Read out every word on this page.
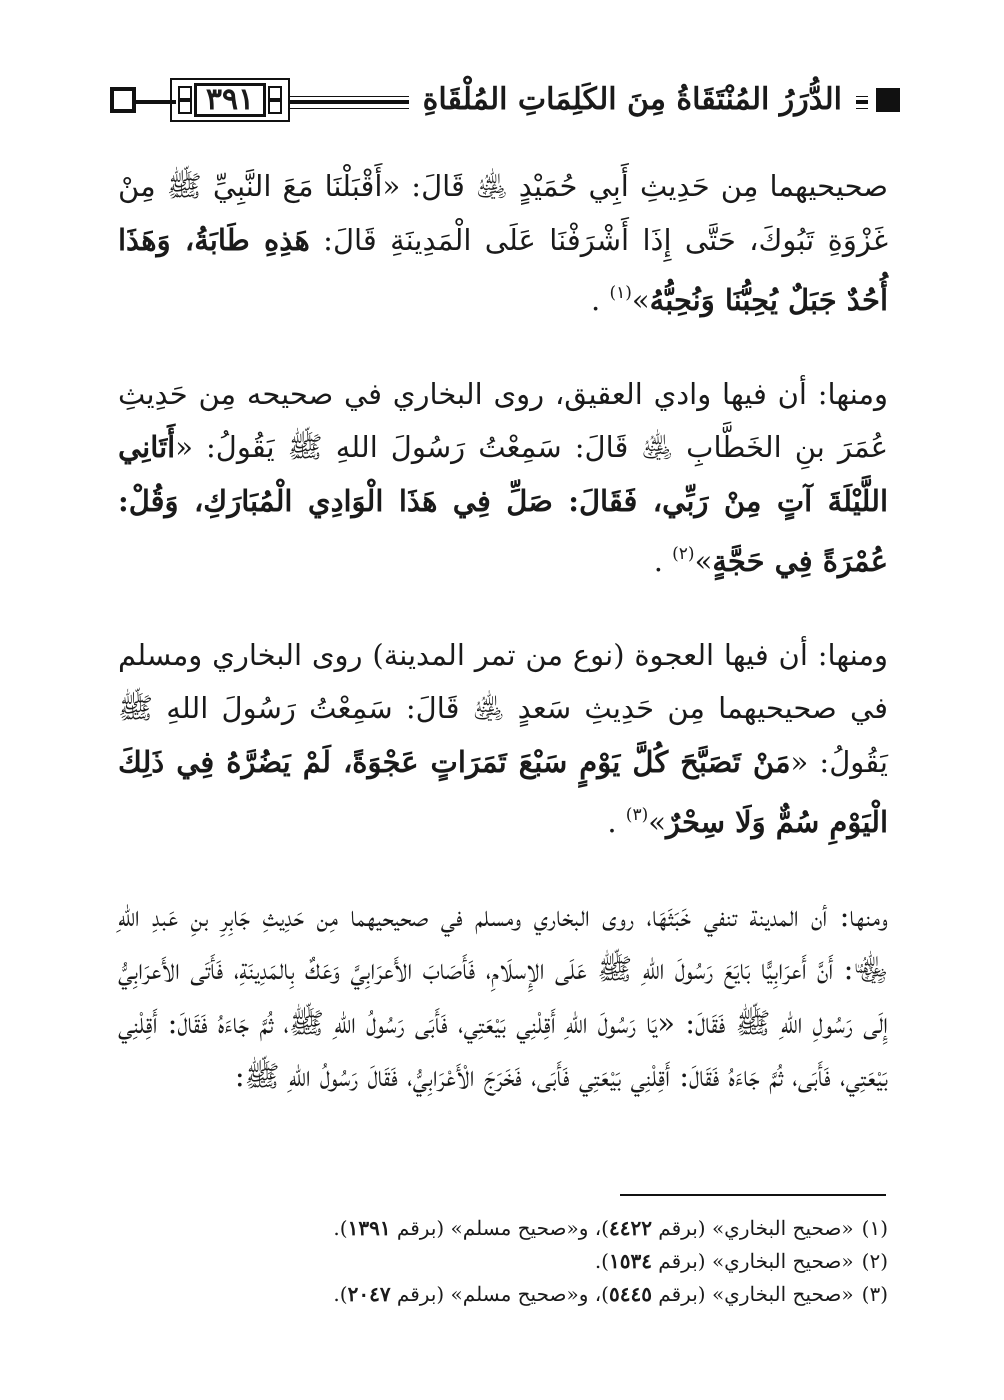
٣٩١	الدُّرَرُ المُنْتَقَاةُ مِنَ الكَلِمَاتِ المُلْقَاةِ

صحيحيهما مِن حَدِيثِ أَبِي حُمَيْدٍ ﵁ قَالَ: «أَقْبَلْنَا مَعَ النَّبِيِّ ﷺ مِنْ غَزْوَةِ تَبُوكَ، حَتَّى إِذَا أَشْرَفْنَا عَلَى الْمَدِينَةِ قَالَ: هَذِهِ طَابَةُ، وَهَذَا أُحُدٌ جَبَلٌ يُحِبُّنَا وَنُحِبُّهُ»$^{(١)}$ .

ومنها: أن فيها وادي العقيق، روى البخاري في صحيحه مِن حَدِيثِ عُمَرَ بنِ الخَطَّابِ ﵁ قَالَ: سَمِعْتُ رَسُولَ اللهِ ﷺ يَقُولُ: «أَتَانِي اللَّيْلَةَ آتٍ مِنْ رَبِّي، فَقَالَ: صَلِّ فِي هَذَا الْوَادِي الْمُبَارَكِ، وَقُلْ: عُمْرَةً فِي حَجَّةٍ»$^{(٢)}$ .

ومنها: أن فيها العجوة (نوع من تمر المدينة) روى البخاري ومسلم في صحيحيهما مِن حَدِيثِ سَعدٍ ﵁ قَالَ: سَمِعْتُ رَسُولَ اللهِ ﷺ يَقُولُ: «مَنْ تَصَبَّحَ كُلَّ يَوْمٍ سَبْعَ تَمَرَاتٍ عَجْوَةً، لَمْ يَضُرَّهُ فِي ذَلِكَ الْيَوْمِ سُمٌّ وَلَا سِحْرٌ»$^{(٣)}$ .

ومنها: أن المدينة تنفي خَبَثَهَا، روى البخاري ومسلم في صحيحيهما مِن حَدِيثِ جَابِرِ بنِ عَبدِ اللهِ ﵄: أَنَّ أَعرَابِيًّا بَايَعَ رَسُولَ اللهِ ﷺ عَلَى الإِسلَامِ، فَأَصَابَ الأَعرَابِيَّ وَعَكٌ بِالمَدِينَةِ، فَأَتَى الأَعرَابِيُّ إِلَى رَسُولِ اللهِ ﷺ فَقَالَ: «يَا رَسُولَ اللهِ أَقِلْنِي بَيْعَتِي، فَأَبَى رَسُولُ اللهِ ﷺ، ثُمَّ جَاءَهُ فَقَالَ: أَقِلْنِي بَيْعَتِي، فَأَبَى، ثُمَّ جَاءَهُ فَقَالَ: أَقِلْنِي بَيْعَتِي فَأَبَى، فَخَرَجَ الْأَعْرَابِيُّ، فَقَالَ رَسُولُ اللهِ ﷺ:

(١)«صحيح البخاري» (برقم ٤٤٢٢)، و«صحيح مسلم» (برقم ١٣٩١).
(٢)«صحيح البخاري» (برقم ١٥٣٤).
(٣)«صحيح البخاري» (برقم ٥٤٤٥)، و«صحيح مسلم» (برقم ٢٠٤٧).
